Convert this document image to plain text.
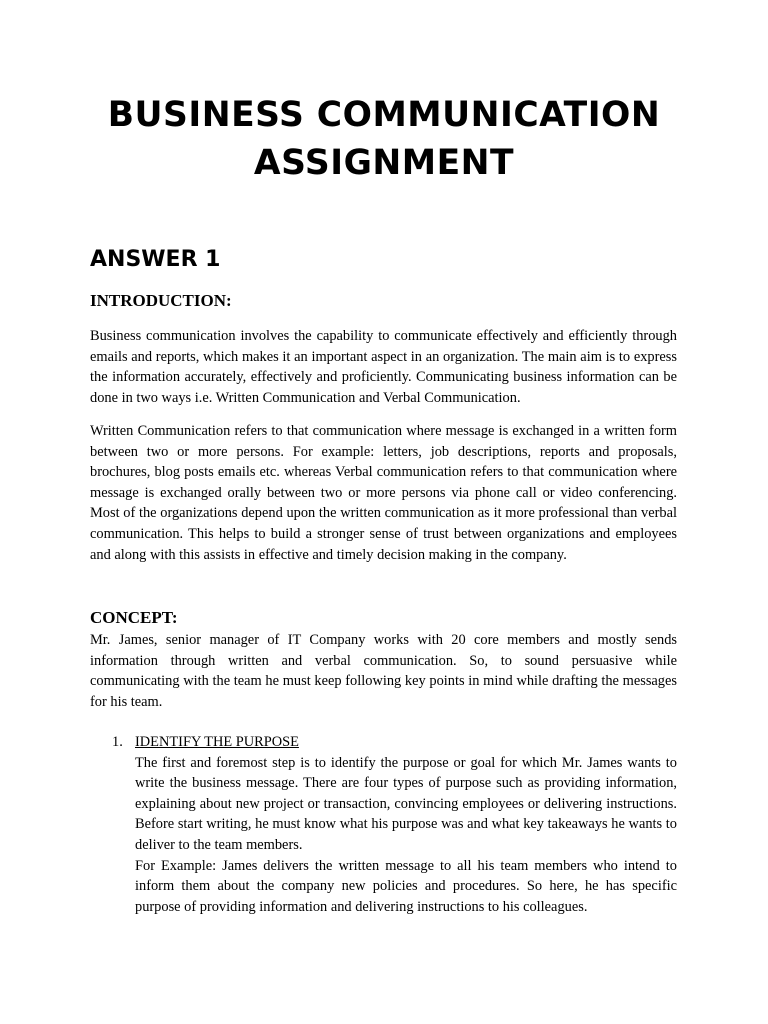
BUSINESS COMMUNICATION
ASSIGNMENT
ANSWER 1
INTRODUCTION:

Business communication involves the capability to communicate effectively and efficiently through emails and reports, which makes it an important aspect in an organization. The main aim is to express the information accurately, effectively and proficiently. Communicating business information can be done in two ways i.e. Written Communication and Verbal Communication.

Written Communication refers to that communication where message is exchanged in a written form between two or more persons. For example: letters, job descriptions, reports and proposals, brochures, blog posts emails etc. whereas Verbal communication refers to that communication where message is exchanged orally between two or more persons via phone call or video conferencing. Most of the organizations depend upon the written communication as it more professional than verbal communication. This helps to build a stronger sense of trust between organizations and employees and along with this assists in effective and timely decision making in the company.

CONCEPT:

Mr. James, senior manager of IT Company works with 20 core members and mostly sends information through written and verbal communication. So, to sound persuasive while communicating with the team he must keep following key points in mind while drafting the messages for his team.

1. IDENTIFY THE PURPOSE
The first and foremost step is to identify the purpose or goal for which Mr. James wants to write the business message. There are four types of purpose such as providing information, explaining about new project or transaction, convincing employees or delivering instructions. Before start writing, he must know what his purpose was and what key takeaways he wants to deliver to the team members.
For Example: James delivers the written message to all his team members who intend to inform them about the company new policies and procedures. So here, he has specific purpose of providing information and delivering instructions to his colleagues.
